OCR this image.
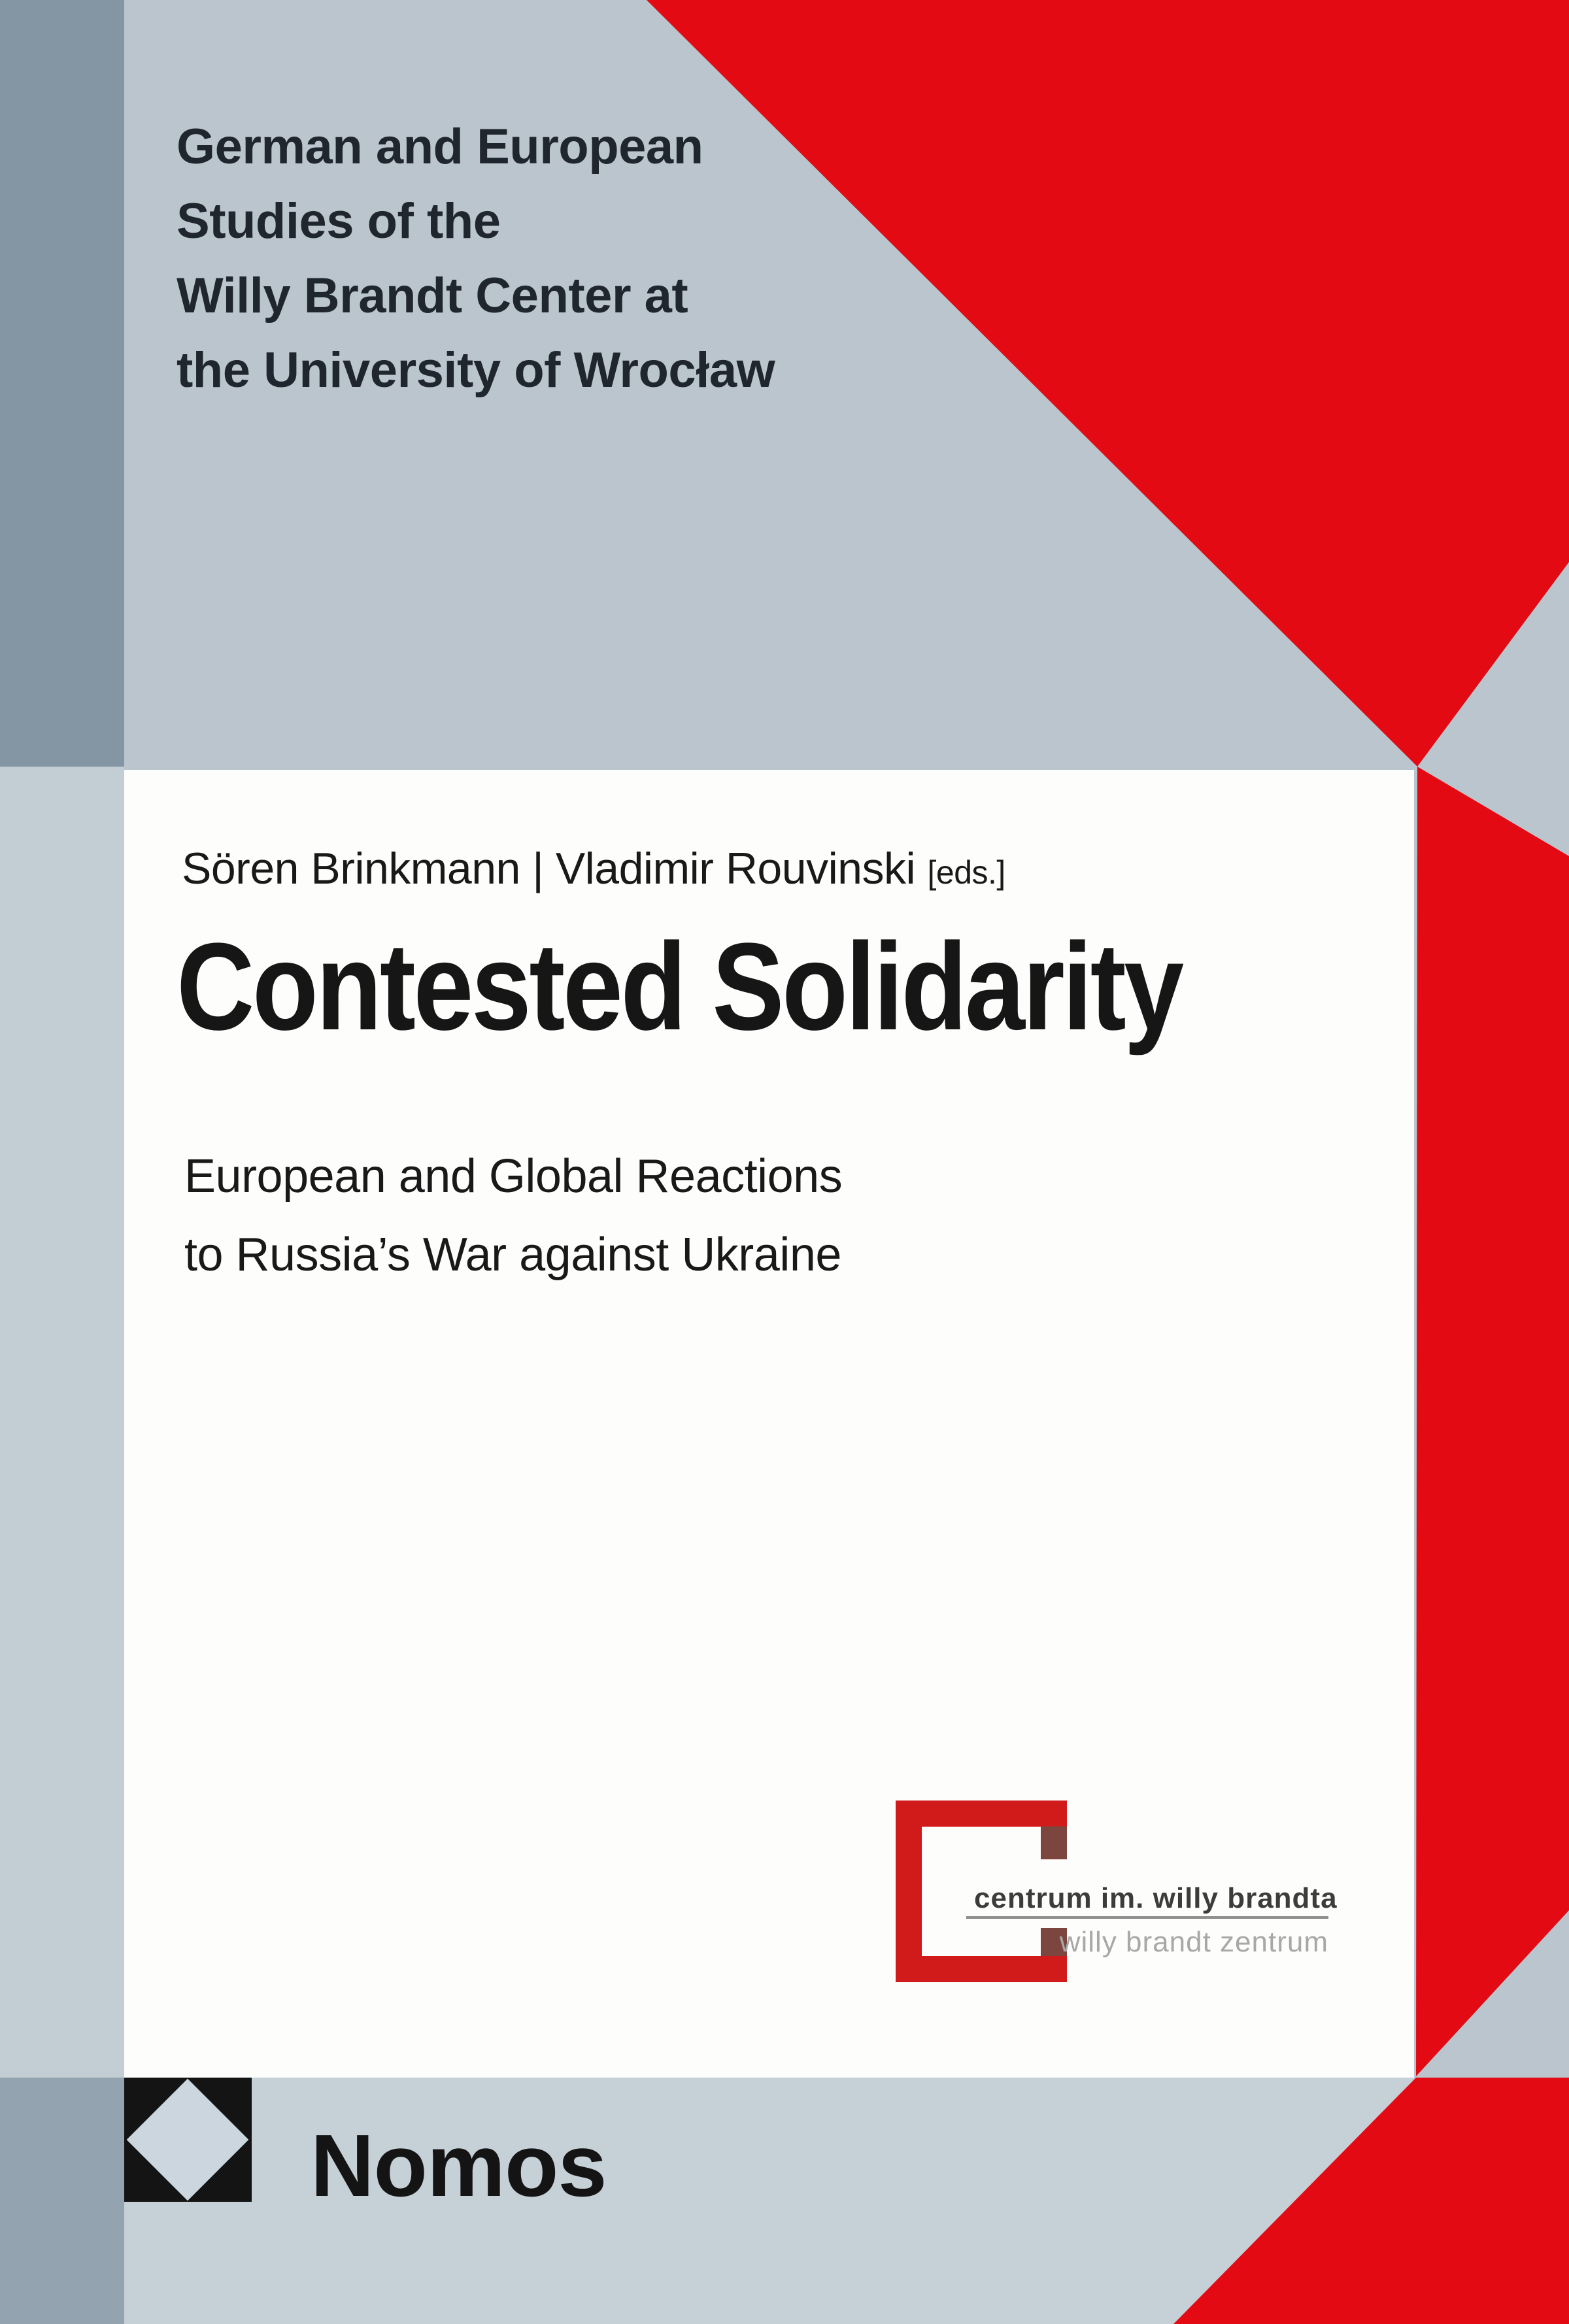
German and European
Studies of the
Willy Brandt Center at
the University of Wrocław
Sören Brinkmann | Vladimir Rouvinski [eds.]
Contested Solidarity
European and Global Reactions
to Russia’s War against Ukraine
centrum im. willy brandta
willy brandt zentrum
Nomos
